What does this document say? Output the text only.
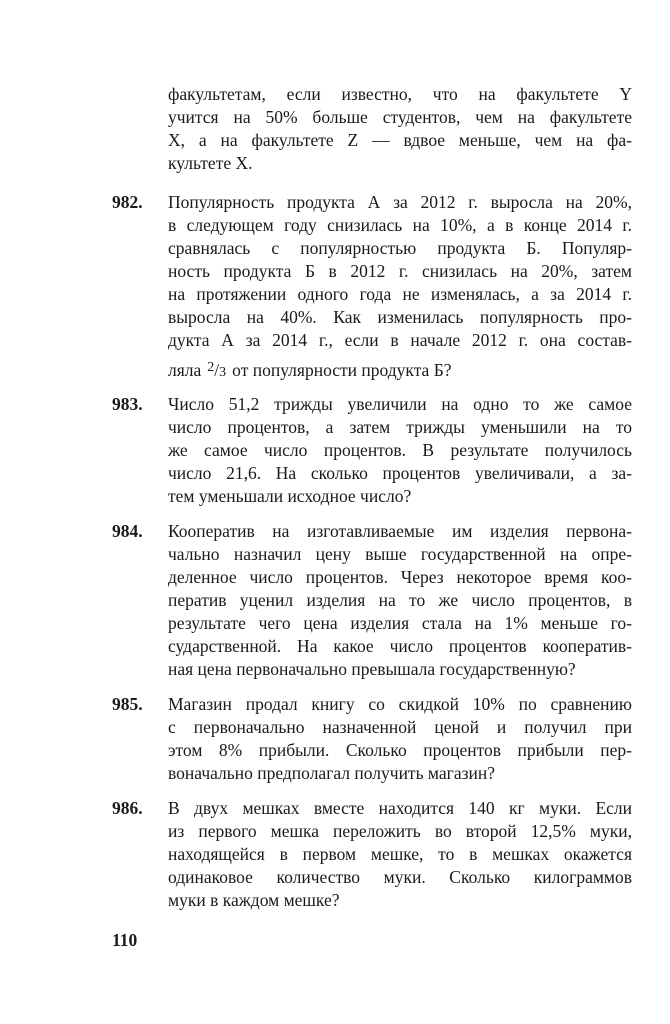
факультетам, если известно, что на факультете Y
учится на 50% больше студентов, чем на факультете
X, а на факультете Z — вдвое меньше, чем на фа-
культете X.
982. Популярность продукта А за 2012 г. выросла на 20%,
в следующем году снизилась на 10%, а в конце 2014 г.
сравнялась с популярностью продукта Б. Популяр-
ность продукта Б в 2012 г. снизилась на 20%, затем
на протяжении одного года не изменялась, а за 2014 г.
выросла на 40%. Как изменилась популярность про-
дукта А за 2014 г., если в начале 2012 г. она состав-
ляла $^2$/3 от популярности продукта Б?
983. Число 51,2 трижды увеличили на одно то же самое
число процентов, а затем трижды уменьшили на то
же самое число процентов. В результате получилось
число 21,6. На сколько процентов увеличивали, а за-
тем уменьшали исходное число?
984. Кооператив на изготавливаемые им изделия первона-
чально назначил цену выше государственной на опре-
деленное число процентов. Через некоторое время коо-
ператив уценил изделия на то же число процентов, в
результате чего цена изделия стала на 1% меньше го-
сударственной. На какое число процентов кооператив-
ная цена первоначально превышала государственную?
985. Магазин продал книгу со скидкой 10% по сравнению
с первоначально назначенной ценой и получил при
этом 8% прибыли. Сколько процентов прибыли пер-
воначально предполагал получить магазин?
986. В двух мешках вместе находится 140 кг муки. Если
из первого мешка переложить во второй 12,5% муки,
находящейся в первом мешке, то в мешках окажется
одинаковое количество муки. Сколько килограммов
муки в каждом мешке?
110
